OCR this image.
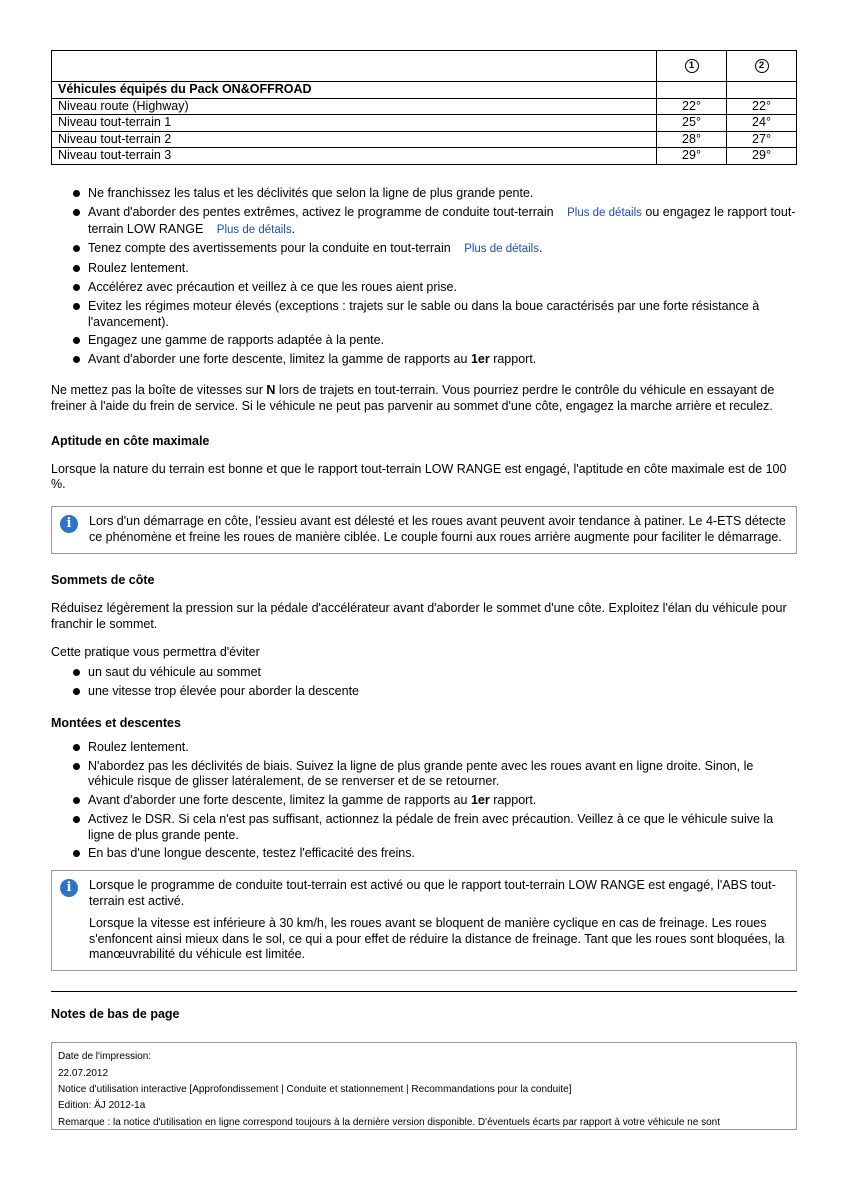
	1	2
Véhicules équipés du Pack ON&OFFROAD		
Niveau route (Highway)	22°	22°
Niveau tout-terrain 1	25°	24°
Niveau tout-terrain 2	28°	27°
Niveau tout-terrain 3	29°	29°
Ne franchissez les talus et les déclivités que selon la ligne de plus grande pente.
Avant d'aborder des pentes extrêmes, activez le programme de conduite tout-terrain Plus de détails ou engagez le rapport tout-terrain LOW RANGE Plus de détails.
Tenez compte des avertissements pour la conduite en tout-terrain Plus de détails.
Roulez lentement.
Accélérez avec précaution et veillez à ce que les roues aient prise.
Evitez les régimes moteur élevés (exceptions : trajets sur le sable ou dans la boue caractérisés par une forte résistance à l'avancement).
Engagez une gamme de rapports adaptée à la pente.
Avant d'aborder une forte descente, limitez la gamme de rapports au 1er rapport.

Ne mettez pas la boîte de vitesses sur N lors de trajets en tout-terrain. Vous pourriez perdre le contrôle du véhicule en essayant de freiner à l'aide du frein de service. Si le véhicule ne peut pas parvenir au sommet d'une côte, engagez la marche arrière et reculez.

Aptitude en côte maximale

Lorsque la nature du terrain est bonne et que le rapport tout-terrain LOW RANGE est engagé, l'aptitude en côte maximale est de 100 %.

i	Lors d'un démarrage en côte, l'essieu avant est délesté et les roues avant peuvent avoir tendance à patiner. Le 4-ETS détecte ce phénomène et freine les roues de manière ciblée. Le couple fourni aux roues arrière augmente pour faciliter le démarrage.

Sommets de côte

Réduisez légèrement la pression sur la pédale d'accélérateur avant d'aborder le sommet d'une côte. Exploitez l'élan du véhicule pour franchir le sommet.

Cette pratique vous permettra d'éviter

un saut du véhicule au sommet
une vitesse trop élevée pour aborder la descente
Montées et descentes
Roulez lentement.
N'abordez pas les déclivités de biais. Suivez la ligne de plus grande pente avec les roues avant en ligne droite. Sinon, le véhicule risque de glisser latéralement, de se renverser et de se retourner.
Avant d'aborder une forte descente, limitez la gamme de rapports au 1er rapport.
Activez le DSR. Si cela n'est pas suffisant, actionnez la pédale de frein avec précaution. Veillez à ce que le véhicule suive la ligne de plus grande pente.
En bas d'une longue descente, testez l'efficacité des freins.
i	Lorsque le programme de conduite tout-terrain est activé ou que le rapport tout-terrain LOW RANGE est engagé, l'ABS tout-terrain est activé.

Lorsque la vitesse est inférieure à 30 km/h, les roues avant se bloquent de manière cyclique en cas de freinage. Les roues s'enfoncent ainsi mieux dans le sol, ce qui a pour effet de réduire la distance de freinage. Tant que les roues sont bloquées, la manœuvrabilité du véhicule est limitée.

Notes de bas de page
Date de l'impression:
22.07.2012
Notice d'utilisation interactive [Approfondissement | Conduite et stationnement | Recommandations pour la conduite]
Edition: ÄJ 2012-1a
Remarque : la notice d'utilisation en ligne correspond toujours à la dernière version disponible. D'éventuels écarts par rapport à votre véhicule ne sont
